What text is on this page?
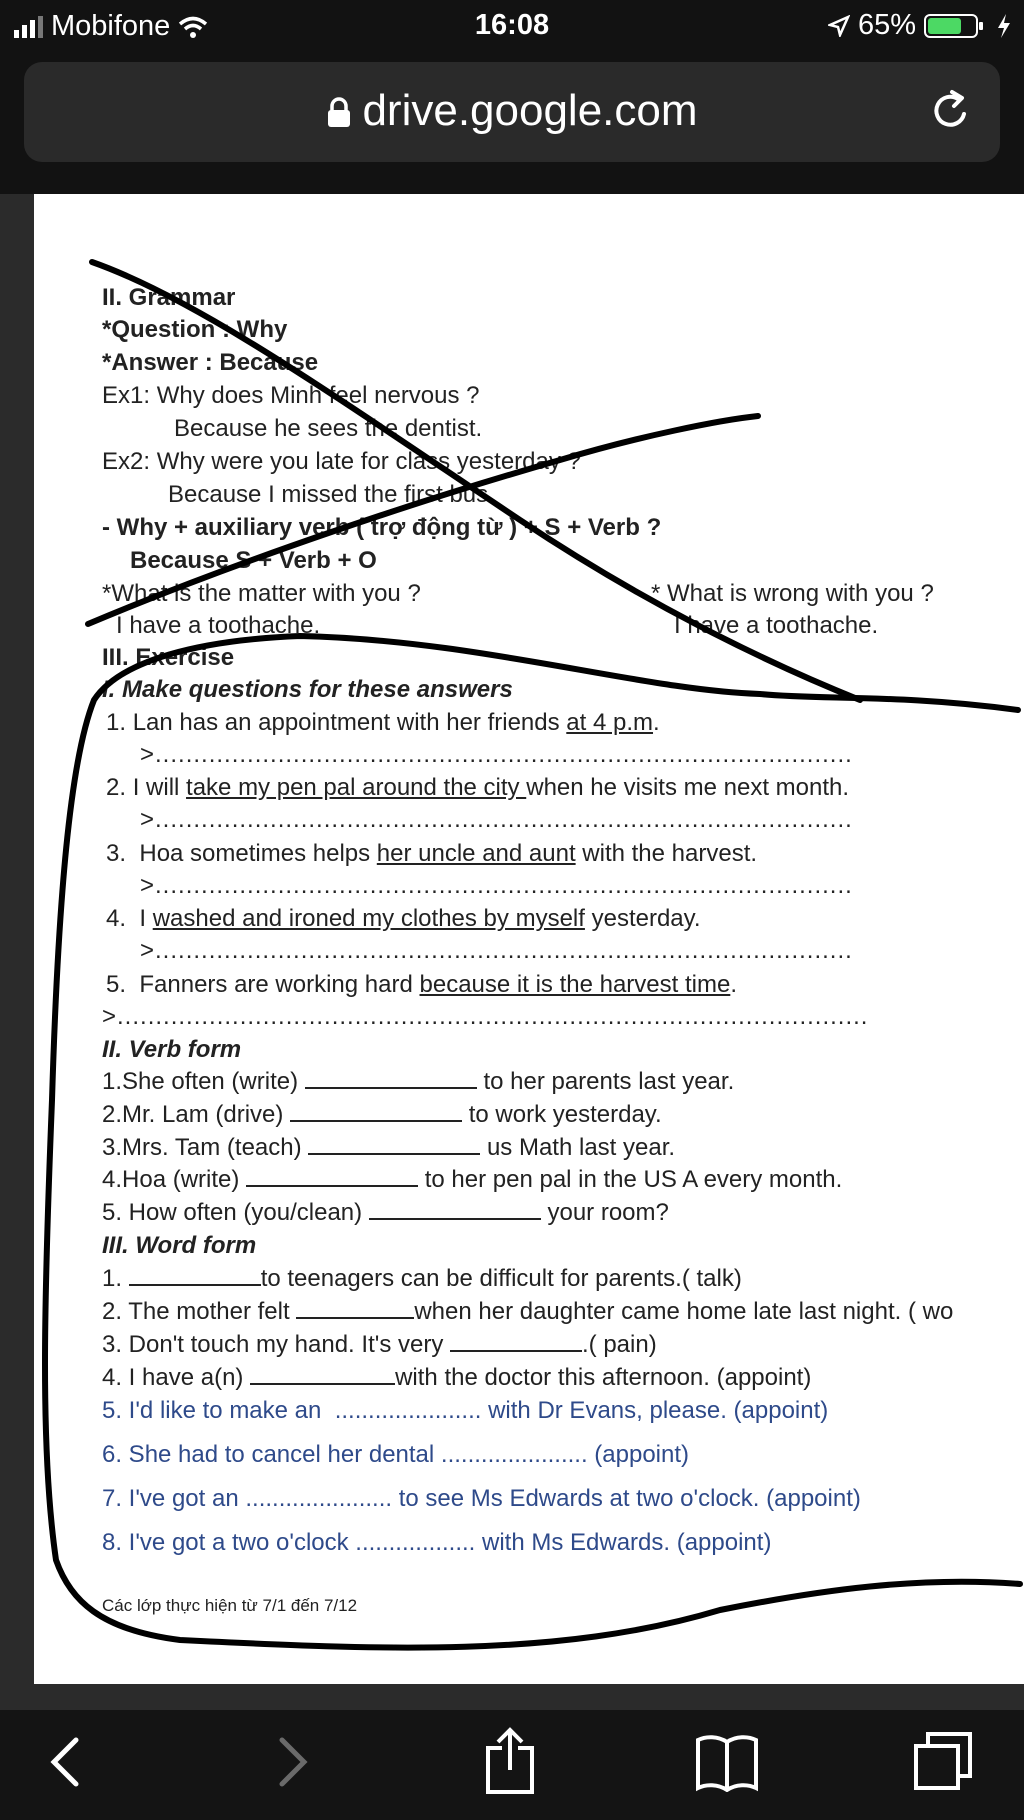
Mobifone	16:08	65%
drive.google.com
II. Grammar
*Question : Why
*Answer : Because
Ex1: Why does Minh feel nervous ?
Because he sees the dentist.
Ex2: Why were you late for class yesterday ?
Because I missed the first bus.
- Why + auxiliary verb ( trợ động từ ) + S + Verb ?
Because S + Verb + O
*What is the matter with you ?
I have a toothache.
* What is wrong with you ?
I have a toothache.
III. Exercise
I. Make questions for these answers
1. Lan has an appointment with her friends at 4 p.m.
>...........................................................................................
2. I will take my pen pal around the city when he visits me next month.
>...........................................................................................
3. Hoa sometimes helps her uncle and aunt with the harvest.
>...........................................................................................
4. I washed and ironed my clothes by myself yesterday.
>...........................................................................................
5. Fanners are working hard because it is the harvest time.
>..................................................................................................
II. Verb form
1.She often (write)	to her parents last year.
2.Mr. Lam (drive)	to work yesterday.
3.Mrs. Tam (teach)	us Math last year.
4.Hoa (write)	to her pen pal in the US A every month.
5. How often (you/clean)	your room?
III. Word form
1.	to teenagers can be difficult for parents.( talk)
2. The mother felt	when her daughter came home late last night. ( wo
3. Don't touch my hand. It's very	.( pain)
4. I have a(n)	with the doctor this afternoon. (appoint)
5. I'd like to make an ...................... with Dr Evans, please. (appoint)
6. She had to cancel her dental ...................... (appoint)
7. I've got an ...................... to see Ms Edwards at two o'clock. (appoint)
8. I've got a two o'clock .................. with Ms Edwards. (appoint)
Các lớp thực hiện từ 7/1 đến 7/12
